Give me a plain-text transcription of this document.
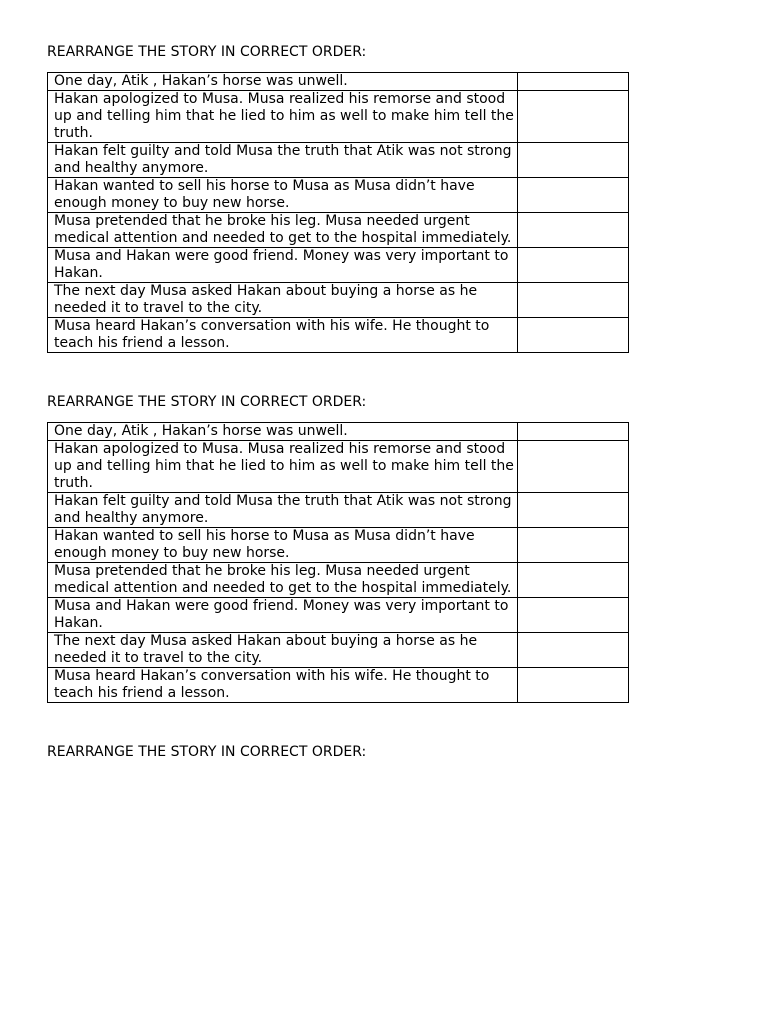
REARRANGE THE STORY IN CORRECT ORDER:

One day, Atik , Hakan’s horse was unwell.	
Hakan apologized to Musa. Musa realized his remorse and stood up and telling him that he lied to him as well to make him tell the truth.	
Hakan felt guilty and told Musa the truth that Atik was not strong and healthy anymore.	
Hakan wanted to sell his horse to Musa as Musa didn’t have enough money to buy new horse.	
Musa pretended that he broke his leg. Musa needed urgent medical attention and needed to get to the hospital immediately.	
Musa and Hakan were good friend. Money was very important to Hakan.	
The next day Musa asked Hakan about buying a horse as he needed it to travel to the city.	
Musa heard Hakan’s conversation with his wife. He thought to teach his friend a lesson.	

REARRANGE THE STORY IN CORRECT ORDER:

One day, Atik , Hakan’s horse was unwell.	
Hakan apologized to Musa. Musa realized his remorse and stood up and telling him that he lied to him as well to make him tell the truth.	
Hakan felt guilty and told Musa the truth that Atik was not strong and healthy anymore.	
Hakan wanted to sell his horse to Musa as Musa didn’t have enough money to buy new horse.	
Musa pretended that he broke his leg. Musa needed urgent medical attention and needed to get to the hospital immediately.	
Musa and Hakan were good friend. Money was very important to Hakan.	
The next day Musa asked Hakan about buying a horse as he needed it to travel to the city.	
Musa heard Hakan’s conversation with his wife. He thought to teach his friend a lesson.	

REARRANGE THE STORY IN CORRECT ORDER:
